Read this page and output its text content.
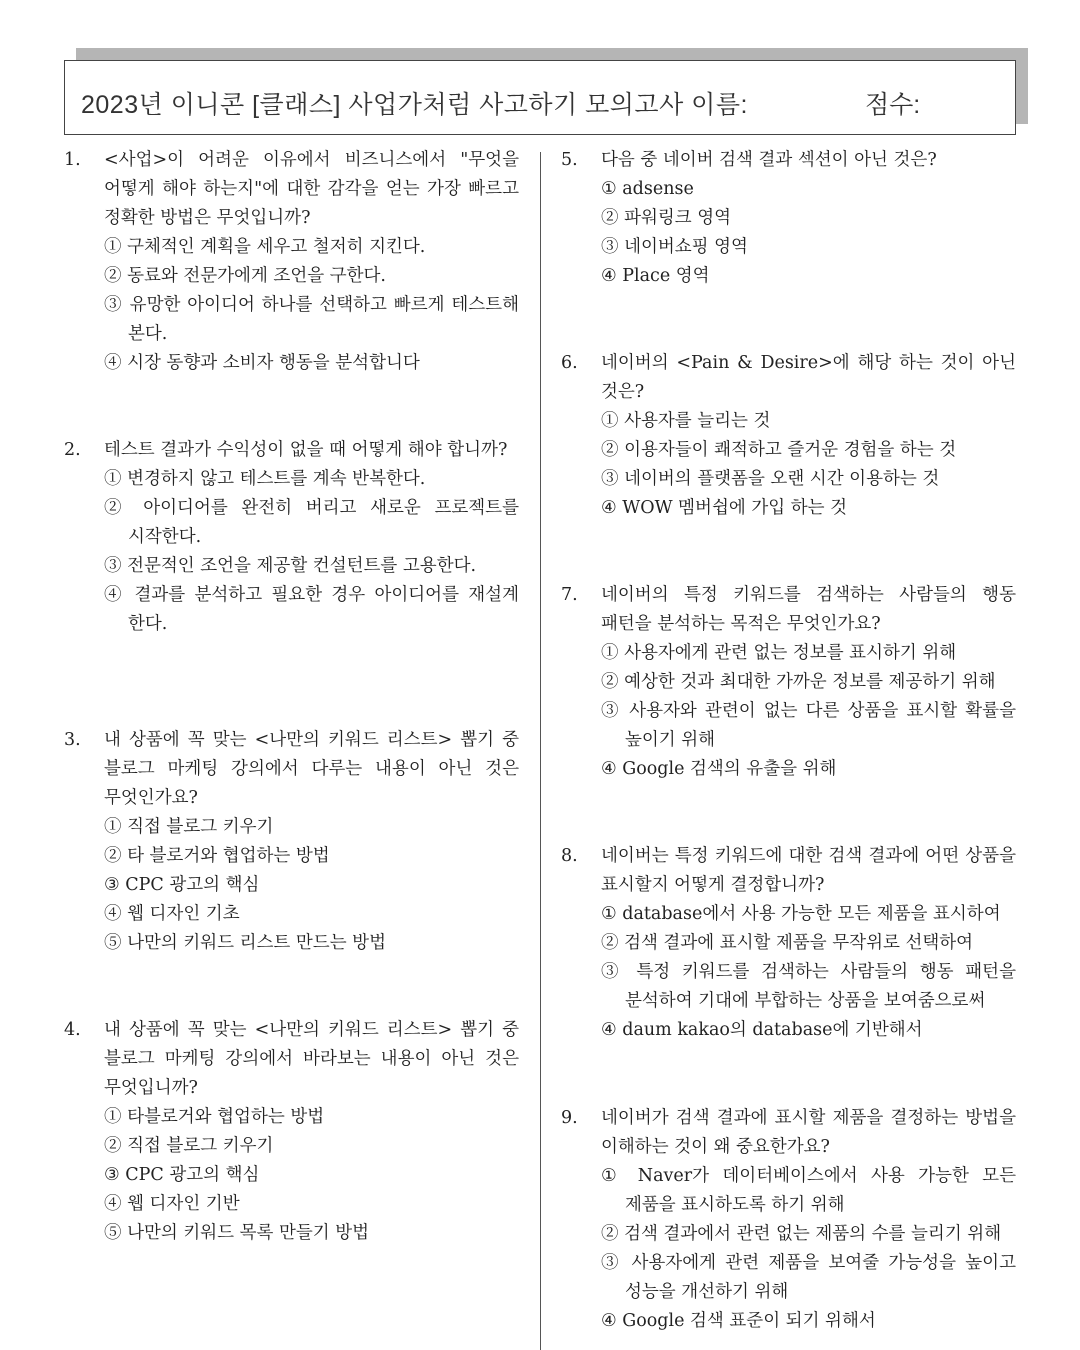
2023년 이니콘 [클래스] 사업가처럼 사고하기 모의고사 이름:	점수:
1. <사업>이 어려운 이유에서 비즈니스에서 "무엇을 어떻게 해야 하는지"에 대한 감각을 얻는 가장 빠르고 정확한 방법은 무엇입니까?
① 구체적인 계획을 세우고 철저히 지킨다.
② 동료와 전문가에게 조언을 구한다.
③ 유망한 아이디어 하나를 선택하고 빠르게 테스트해 본다.
④ 시장 동향과 소비자 행동을 분석합니다
2. 테스트 결과가 수익성이 없을 때 어떻게 해야 합니까?
① 변경하지 않고 테스트를 계속 반복한다.
② 아이디어를 완전히 버리고 새로운 프로젝트를 시작한다.
③ 전문적인 조언을 제공할 컨설턴트를 고용한다.
④ 결과를 분석하고 필요한 경우 아이디어를 재설계 한다.
3. 내 상품에 꼭 맞는 <나만의 키워드 리스트> 뽑기 중 블로그 마케팅 강의에서 다루는 내용이 아닌 것은 무엇인가요?
① 직접 블로그 키우기
② 타 블로거와 협업하는 방법
③ CPC 광고의 핵심
④ 웹 디자인 기초
⑤ 나만의 키워드 리스트 만드는 방법
4. 내 상품에 꼭 맞는 <나만의 키워드 리스트> 뽑기 중 블로그 마케팅 강의에서 바라보는 내용이 아닌 것은 무엇입니까?
① 타블로거와 협업하는 방법
② 직접 블로그 키우기
③ CPC 광고의 핵심
④ 웹 디자인 기반
⑤ 나만의 키워드 목록 만들기 방법
5. 다음 중 네이버 검색 결과 섹션이 아닌 것은?
① adsense
② 파워링크 영역
③ 네이버쇼핑 영역
④ Place 영역
6. 네이버의 <Pain & Desire>에 해당 하는 것이 아닌 것은?
① 사용자를 늘리는 것
② 이용자들이 쾌적하고 즐거운 경험을 하는 것
③ 네이버의 플랫폼을 오랜 시간 이용하는 것
④ WOW 멤버쉽에 가입 하는 것
7. 네이버의 특정 키워드를 검색하는 사람들의 행동 패턴을 분석하는 목적은 무엇인가요?
① 사용자에게 관련 없는 정보를 표시하기 위해
② 예상한 것과 최대한 가까운 정보를 제공하기 위해
③ 사용자와 관련이 없는 다른 상품을 표시할 확률을 높이기 위해
④ Google 검색의 유출을 위해
8. 네이버는 특정 키워드에 대한 검색 결과에 어떤 상품을 표시할지 어떻게 결정합니까?
① database에서 사용 가능한 모든 제품을 표시하여
② 검색 결과에 표시할 제품을 무작위로 선택하여
③ 특정 키워드를 검색하는 사람들의 행동 패턴을 분석하여 기대에 부합하는 상품을 보여줌으로써
④ daum kakao의 database에 기반해서
9. 네이버가 검색 결과에 표시할 제품을 결정하는 방법을 이해하는 것이 왜 중요한가요?
① Naver가 데이터베이스에서 사용 가능한 모든 제품을 표시하도록 하기 위해
② 검색 결과에서 관련 없는 제품의 수를 늘리기 위해
③ 사용자에게 관련 제품을 보여줄 가능성을 높이고 성능을 개선하기 위해
④ Google 검색 표준이 되기 위해서
